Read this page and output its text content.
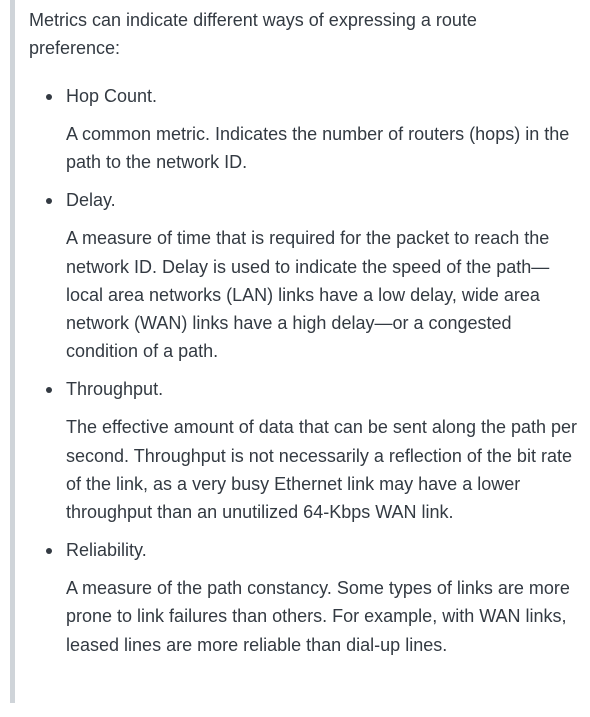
Metrics can indicate different ways of expressing a route preference:

Hop Count.

A common metric. Indicates the number of routers (hops) in the path to the network ID.

Delay.

A measure of time that is required for the packet to reach the network ID. Delay is used to indicate the speed of the path—local area networks (LAN) links have a low delay, wide area network (WAN) links have a high delay—or a congested condition of a path.

Throughput.

The effective amount of data that can be sent along the path per second. Throughput is not necessarily a reflection of the bit rate of the link, as a very busy Ethernet link may have a lower throughput than an unutilized 64-Kbps WAN link.

Reliability.

A measure of the path constancy. Some types of links are more prone to link failures than others. For example, with WAN links, leased lines are more reliable than dial-up lines.
